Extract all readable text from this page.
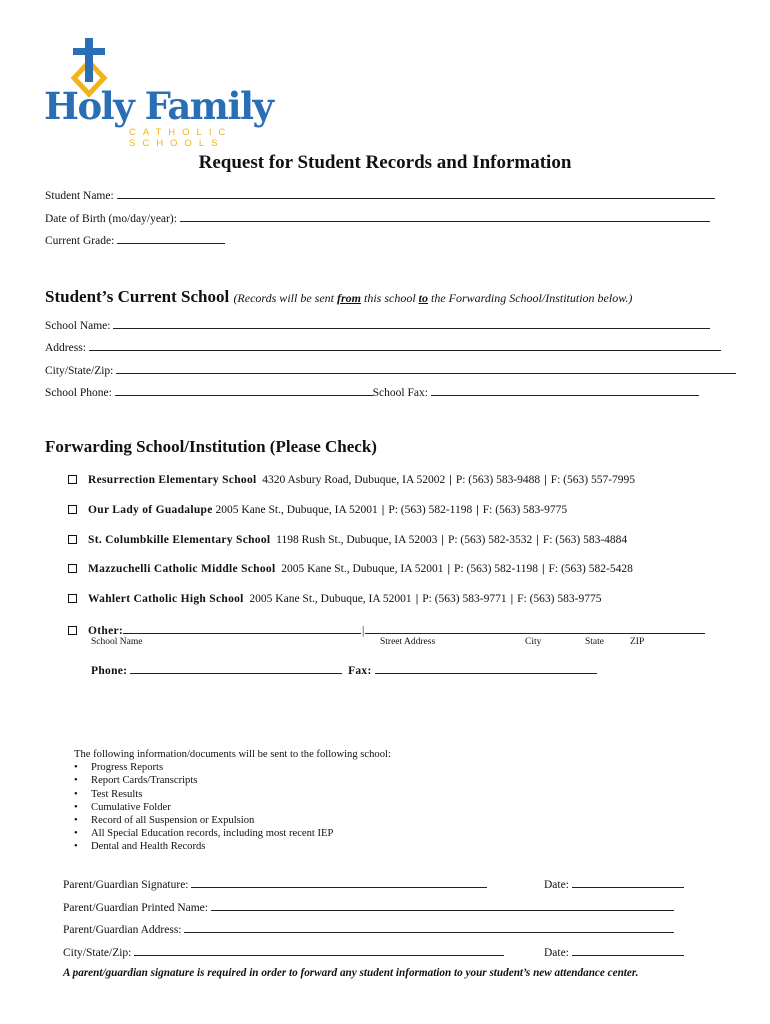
Holy Family
CATHOLIC SCHOOLS
Request for Student Records and Information
Student Name:
Date of Birth (mo/day/year):
Current Grade:
Student’s Current School (Records will be sent from this school to the Forwarding School/Institution below.)
School Name:
Address:
City/State/Zip:
School Phone:	School Fax:
Forwarding School/Institution (Please Check)
Resurrection Elementary School 4320 Asbury Road, Dubuque, IA 52002 | P: (563) 583-9488 | F: (563) 557-7995
Our Lady of Guadalupe 2005 Kane St., Dubuque, IA 52001 | P: (563) 582-1198 | F: (563) 583-9775
St. Columbkille Elementary School 1198 Rush St., Dubuque, IA 52003 | P: (563) 582-3532 | F: (563) 583-4884
Mazzuchelli Catholic Middle School 2005 Kane St., Dubuque, IA 52001 | P: (563) 582-1198 | F: (563) 582-5428
Wahlert Catholic High School 2005 Kane St., Dubuque, IA 52001 | P: (563) 583-9771 | F: (563) 583-9775
Other:	|
School Name	Street Address	City	State	ZIP
Phone:	Fax:
The following information/documents will be sent to the following school:
• Progress Reports
• Report Cards/Transcripts
• Test Results
• Cumulative Folder
• Record of all Suspension or Expulsion
• All Special Education records, including most recent IEP
• Dental and Health Records
Parent/Guardian Signature:	Date:
Parent/Guardian Printed Name:
Parent/Guardian Address:
City/State/Zip:	Date:
A parent/guardian signature is required in order to forward any student information to your student’s new attendance center.
